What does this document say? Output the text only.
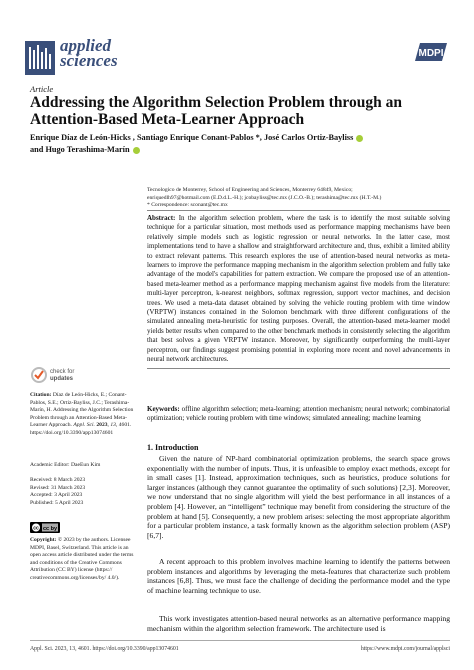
applied
sciences	MDPI
Article
Addressing the Algorithm Selection Problem through an Attention-Based Meta-Learner Approach
Enrique Díaz de León-Hicks , Santiago Enrique Conant-Pablos *, José Carlos Ortiz-Bayliss
and Hugo Terashima-Marín
Tecnologico de Monterrey, School of Engineering and Sciences, Monterrey 64849, Mexico;
enriquedlh97@hotmail.com (E.D.d.L.-H.); jcobayliss@tec.mx (J.C.O.-B.); terashima@tec.mx (H.T.-M.)
* Correspondence: sconant@tec.mx
Abstract: In the algorithm selection problem, where the task is to identify the most suitable solving technique for a particular situation, most methods used as performance mapping mechanisms have been relatively simple models such as logistic regression or neural networks. In the latter case, most implementations tend to have a shallow and straightforward architecture and, thus, exhibit a limited ability to extract relevant patterns. This research explores the use of attention-based neural networks as meta-learners to improve the performance mapping mechanism in the algorithm selection problem and fully take advantage of the model's capabilities for pattern extraction. We compare the proposed use of an attention-based meta-learner method as a performance mapping mechanism against five models from the literature: multi-layer perceptron, k-nearest neighbors, softmax regression, support vector machines, and decision trees. We used a meta-data dataset obtained by solving the vehicle routing problem with time window (VRPTW) instances contained in the Solomon benchmark with three different configurations of the simulated annealing meta-heuristic for testing purposes. Overall, the attention-based meta-learner model yields better results when compared to the other benchmark methods in consistently selecting the algorithm that best solves a given VRPTW instance. Moreover, by significantly outperforming the multi-layer perceptron, our findings suggest promising potential in exploring more recent and novel advancements in neural network architectures.
Keywords: offline algorithm selection; meta-learning; attention mechanism; neural network; combinatorial optimization; vehicle routing problem with time windows; simulated annealing; machine learning
1. Introduction
Given the nature of NP-hard combinatorial optimization problems, the search space grows exponentially with the number of inputs. Thus, it is unfeasible to employ exact methods, except for in small cases [1]. Instead, approximation techniques, such as heuristics, produce solutions for larger instances (although they cannot guarantee the optimality of such solutions) [2,3]. Moreover, we now understand that no single algorithm will yield the best performance in all instances of a problem [4]. However, an “intelligent” technique may benefit from considering the structure of the problem at hand [5]. Consequently, a new problem arises: selecting the most appropriate algorithm for a particular problem instance, a task formally known as the algorithm selection problem (ASP) [6,7].
A recent approach to this problem involves machine learning to identify the patterns between problem instances and algorithms by leveraging the meta-features that characterize such problem instances [6,8]. Thus, we must face the challenge of deciding the performance model and the type of machine learning technique to use.
This work investigates attention-based neural networks as an alternative performance mapping mechanism within the algorithm selection framework. The architecture used is
check for
updates
Citation: Díaz de León-Hicks, E.; Conant-Pablos, S.E.; Ortiz-Bayliss, J.C.; Terashima-Marín, H. Addressing the Algorithm Selection Problem through an Attention-Based Meta-Learner Approach. Appl. Sci. 2023, 13, 4601. https://doi.org/10.3390/app13074601
Academic Editor: DaeEun Kim
Received: 8 March 2023
Revised: 31 March 2023
Accepted: 3 April 2023
Published: 5 April 2023
cc cc by
Copyright: © 2023 by the authors. Licensee MDPI, Basel, Switzerland. This article is an open access article distributed under the terms and conditions of the Creative Commons Attribution (CC BY) license (https:// creativecommons.org/licenses/by/ 4.0/).
Appl. Sci. 2023, 13, 4601. https://doi.org/10.3390/app13074601	https://www.mdpi.com/journal/applsci
